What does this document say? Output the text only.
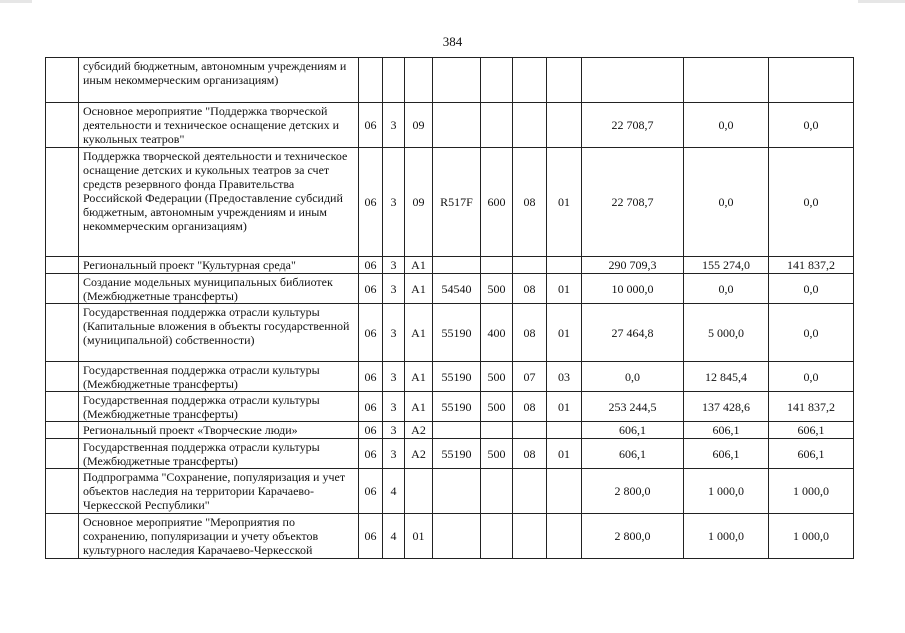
384
	субсидий бюджетным, автономным учреждениям и иным некоммерческим организациям)										
	Основное мероприятие "Поддержка творческой деятельности и техническое оснащение детских и кукольных театров"	06	3	09					22 708,7	0,0	0,0
	Поддержка творческой деятельности и техническое оснащение детских и кукольных театров за счет средств резервного фонда Правительства Российской Федерации (Предоставление субсидий бюджетным, автономным учреждениям и иным некоммерческим организациям)	06	3	09	R517F	600	08	01	22 708,7	0,0	0,0
	Региональный проект "Культурная среда"	06	3	А1					290 709,3	155 274,0	141 837,2
	Создание модельных муниципальных библиотек (Межбюджетные трансферты)	06	3	А1	54540	500	08	01	10 000,0	0,0	0,0
	Государственная поддержка отрасли культуры (Капитальные вложения в объекты государственной (муниципальной) собственности)	06	3	А1	55190	400	08	01	27 464,8	5 000,0	0,0
	Государственная поддержка отрасли культуры (Межбюджетные трансферты)	06	3	А1	55190	500	07	03	0,0	12 845,4	0,0
	Государственная поддержка отрасли культуры (Межбюджетные трансферты)	06	3	А1	55190	500	08	01	253 244,5	137 428,6	141 837,2
	Региональный проект «Творческие люди»	06	3	А2					606,1	606,1	606,1
	Государственная поддержка отрасли культуры (Межбюджетные трансферты)	06	3	А2	55190	500	08	01	606,1	606,1	606,1
	Подпрограмма "Сохранение, популяризация и учет объектов наследия на территории Карачаево-Черкесской Республики"	06	4						2 800,0	1 000,0	1 000,0
	Основное мероприятие "Мероприятия по сохранению, популяризации и учету объектов культурного наследия Карачаево-Черкесской	06	4	01					2 800,0	1 000,0	1 000,0
